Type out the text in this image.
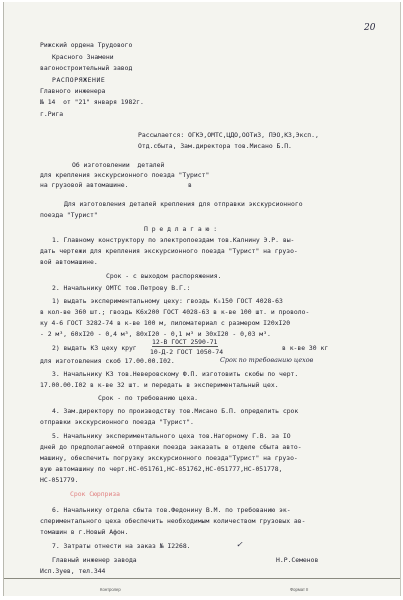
20
Рижский ордена Трудового
Красного Знамени
вагоностроительный завод
РАСПОРЯЖЕНИЕ
Главного инженера
№ 14  от "21" января 1982г.
г.Рига
Рассылается: ОГКЭ,ОМТС,ЦДО,ООТиЗ, ПЭО,КЗ,Эксп.,
Отд.сбыта, Зам.директора тов.Мисано Б.П.
Об изготовлении  деталей
для крепления экскурсионного поезда "Турист"
на грузовой автомашине.	в
Для изготовления деталей крепления для отправки экскурсионного
поезда "Турист"
П р е д л а г а ю :
1. Главному конструктору по электропоездам тов.Калнину Э.Р. вы-
дать чертежи для крепления экскурсионного поезда "Турист" на грузо-
вой автомашине.
Срок - с выходом распоряжения.
2. Начальнику ОМТС тов.Петрову В.Г.:
1) выдать экспериментальному цеху: гвоздь К₅150 ГОСТ 4028-63
в кол-ве 360 шт.; гвоздь К6х200 ГОСТ 4028-63 в к-ве 100 шт. и проволо-
ку 4-6 ГОСТ 3282-74 в к-ве 100 м, пиломатериал с размером I20хI20
- 2 м³, 60хI20 - 0,4 м³, 80хI20 - 0,1 м³ и 30хI20 - 0,03 м³.
2) выдать КЗ цеху круг
12-В ГОСТ 2590-71
10-Д-2 ГОСТ 1050-74	в к-ве 30 кг
для изготовления скоб 17.00.00.I02.	Срок по требованию цехов
3. Начальнику КЗ тов.Неверовскому Ф.П. изготовить скобы по черт.
17.00.00.I02 в к-ве 32 шт. и передать в экспериментальный цех.
Срок - по требованию цеха.
4. Зам.директору по производству тов.Мисано Б.П. определить срок
отправки экскурсионного поезда "Турист".
5. Начальнику экспериментального цеха тов.Нагорному Г.В. за IO
дней до предполагаемой отправки поезда заказать в отделе сбыта авто-
машину, обеспечить погрузку экскурсионного поезда"Турист" на грузо-
вую автомашину по черт.НС-051761,НС-051762,НС-051777,НС-051778,
НС-051779.
Срок Сюрприза
6. Начальнику отдела сбыта тов.Федонину В.М. по требованию эк-
спериментального цеха обеспечить необходимым количеством грузовых ав-
томашин в г.Новый Афон.
7. Затраты отнести на заказ № I2268.	✓
Главный инженер завода	Н.Р.Семенов
Исп.Зуев, тел.344
Контролер	Формат II
